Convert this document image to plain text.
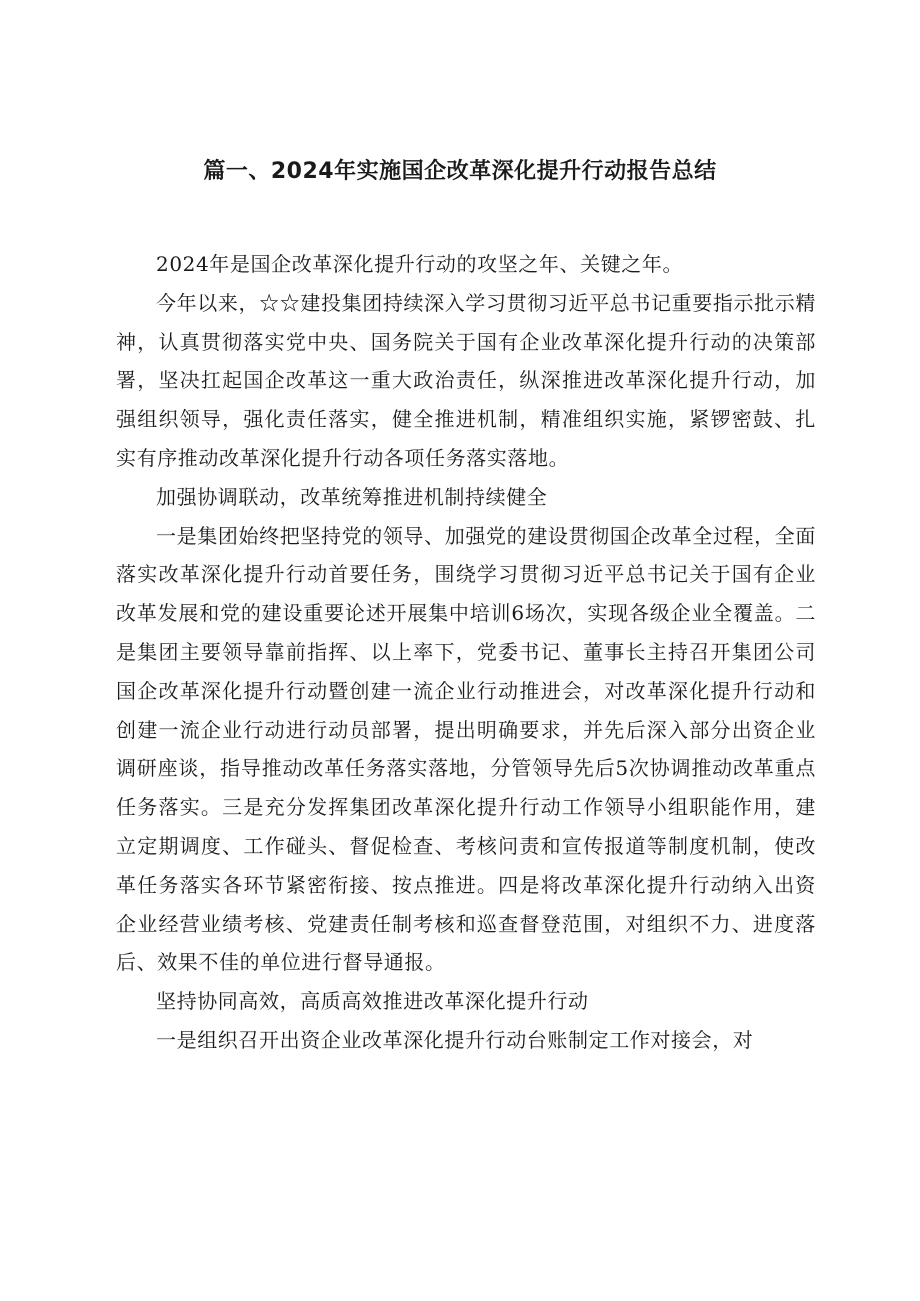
篇一、2024年实施国企改革深化提升行动报告总结

2024年是国企改革深化提升行动的攻坚之年、关键之年。

今年以来，☆☆建投集团持续深入学习贯彻习近平总书记重要指示批示精神，认真贯彻落实党中央、国务院关于国有企业改革深化提升行动的决策部署，坚决扛起国企改革这一重大政治责任，纵深推进改革深化提升行动，加强组织领导，强化责任落实，健全推进机制，精准组织实施，紧锣密鼓、扎实有序推动改革深化提升行动各项任务落实落地。

加强协调联动，改革统筹推进机制持续健全

一是集团始终把坚持党的领导、加强党的建设贯彻国企改革全过程，全面落实改革深化提升行动首要任务，围绕学习贯彻习近平总书记关于国有企业改革发展和党的建设重要论述开展集中培训6场次，实现各级企业全覆盖。二是集团主要领导靠前指挥、以上率下，党委书记、董事长主持召开集团公司国企改革深化提升行动暨创建一流企业行动推进会，对改革深化提升行动和创建一流企业行动进行动员部署，提出明确要求，并先后深入部分出资企业调研座谈，指导推动改革任务落实落地，分管领导先后5次协调推动改革重点任务落实。三是充分发挥集团改革深化提升行动工作领导小组职能作用，建立定期调度、工作碰头、督促检查、考核问责和宣传报道等制度机制，使改革任务落实各环节紧密衔接、按点推进。四是将改革深化提升行动纳入出资企业经营业绩考核、党建责任制考核和巡查督登范围，对组织不力、进度落后、效果不佳的单位进行督导通报。

坚持协同高效，高质高效推进改革深化提升行动

一是组织召开出资企业改革深化提升行动台账制定工作对接会，对
